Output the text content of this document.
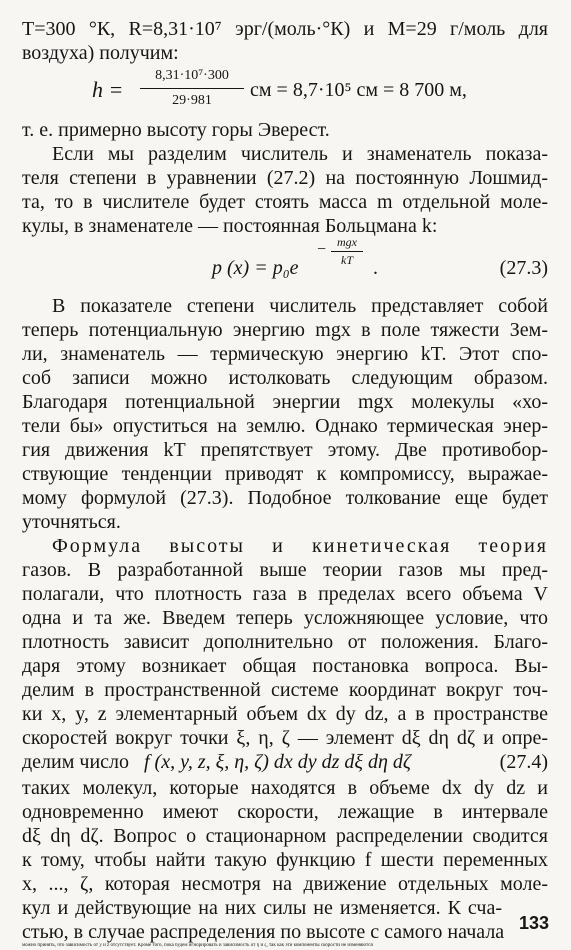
T=300 °К, R=8,31·10⁷ эрг/(моль·°К) и M=29 г/моль для
воздуха) получим:
h =
8,31·10⁷·300
29·981	см = 8,7·10⁵ см = 8 700 м,
т. е. примерно высоту горы Эверест.
Если мы разделим числитель и знаменатель показа-
теля степени в уравнении (27.2) на постоянную Лошмид-
та, то в числителе будет стоять масса m отдельной моле-
кулы, в знаменателе — постоянная Больцмана k:
p (x) = p₀e
− mgx
kT	.	(27.3)
В показателе степени числитель представляет собой
теперь потенциальную энергию mgx в поле тяжести Зем-
ли, знаменатель — термическую энергию kT. Этот спо-
соб записи можно истолковать следующим образом.
Благодаря потенциальной энергии mgx молекулы «хо-
тели бы» опуститься на землю. Однако термическая энер-
гия движения kT препятствует этому. Две противобор-
ствующие тенденции приводят к компромиссу, выражае-
мому формулой (27.3). Подобное толкование еще будет
уточняться.
Формула высоты и кинетическая теория
газов. В разработанной выше теории газов мы пред-
полагали, что плотность газа в пределах всего объема V
одна и та же. Введем теперь усложняющее условие, что
плотность зависит дополнительно от положения. Благо-
даря этому возникает общая постановка вопроса. Вы-
делим в пространственной системе координат вокруг точ-
ки x, y, z элементарный объем dx dy dz, а в пространстве
скоростей вокруг точки ξ, η, ζ — элемент dξ dη dζ и опре-
делим число f (x, y, z, ξ, η, ζ) dx dy dz dξ dη dζ	(27.4)
таких молекул, которые находятся в объеме dx dy dz и
одновременно имеют скорости, лежащие в интервале
dξ dη dζ. Вопрос о стационарном распределении сводится
к тому, чтобы найти такую функцию f шести переменных
x, ..., ζ, которая несмотря на движение отдельных моле-
кул и действующие на них силы не изменяется. К сча-
стью, в случае распределения по высоте с самого начала 133
можно принять, что зависимость от y и z отсутствует. Кроме того, пока будем игнорировать и зависимость от η и ζ, так как эти компоненты скорости не изменяются
